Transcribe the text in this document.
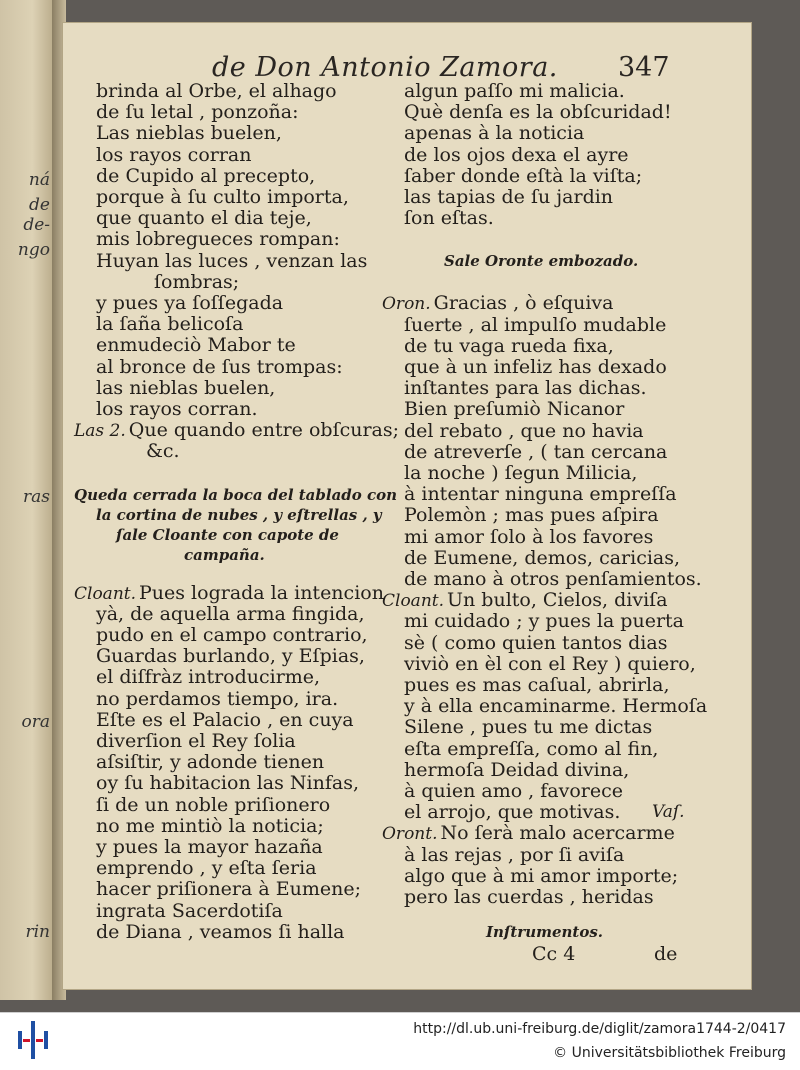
ná
de
de-
ngo
ras
ora
rin
de Don Antonio Zamora. 347
brinda al Orbe, el alhago
de ſu letal , ponzoña:
Las nieblas buelen,
los rayos corran
de Cupido al precepto,
porque à ſu culto importa,
que quanto el dia teje,
mis lobregueces rompan:
Huyan las luces , venzan las
ſombras;
y pues ya ſoſſegada
la ſaña belicoſa
enmudeciò Mabor te
al bronce de ſus trompas:
las nieblas buelen,
los rayos corran.
Las 2. Que quando entre obſcuras;
&c.
Queda cerrada la boca del tablado con
la cortina de nubes , y eſtrellas , y
ſale Cloante con capote de
campaña.
Cloant. Pues lograda la intencion
yà, de aquella arma fingida,
pudo en el campo contrario,
Guardas burlando, y Eſpias,
el diſfràz introducirme,
no perdamos tiempo, ira.
Eſte es el Palacio , en cuya
diverſion el Rey ſolia
aſsiſtir, y adonde tienen
oy ſu habitacion las Ninfas,
ſi de un noble priſionero
no me mintiò la noticia;
y pues la mayor hazaña
emprendo , y eſta ſeria
hacer priſionera à Eumene;
ingrata Sacerdotiſa
de Diana , veamos ſi halla
algun paſſo mi malicia.
Què denſa es la obſcuridad!
apenas à la noticia
de los ojos dexa el ayre
ſaber donde eſtà la viſta;
las tapias de ſu jardin
ſon eſtas.
Sale Oronte embozado.
Oron. Gracias , ò eſquiva
ſuerte , al impulſo mudable
de tu vaga rueda fixa,
que à un infeliz has dexado
inſtantes para las dichas.
Bien preſumiò Nicanor
del rebato , que no havia
de atreverſe , ( tan cercana
la noche ) ſegun Milicia,
à intentar ninguna empreſſa
Polemòn ; mas pues aſpira
mi amor ſolo à los favores
de Eumene, demos, caricias,
de mano à otros penſamientos.
Cloant. Un bulto, Cielos, diviſa
mi cuidado ; y pues la puerta
sè ( como quien tantos dias
viviò en èl con el Rey ) quiero,
pues es mas caſual, abrirla,
y à ella encaminarme. Hermoſa
Silene , pues tu me dictas
eſta empreſſa, como al fin,
hermoſa Deidad divina,
à quien amo , favorece
el arrojo, que motivas. Vaſ.
Oront. No ſerà malo acercarme
à las rejas , por ſi aviſa
algo que à mi amor importe;
pero las cuerdas , heridas
Inſtrumentos.
Cc 4	de
http://dl.ub.uni-freiburg.de/diglit/zamora1744-2/0417
© Universitätsbibliothek Freiburg
